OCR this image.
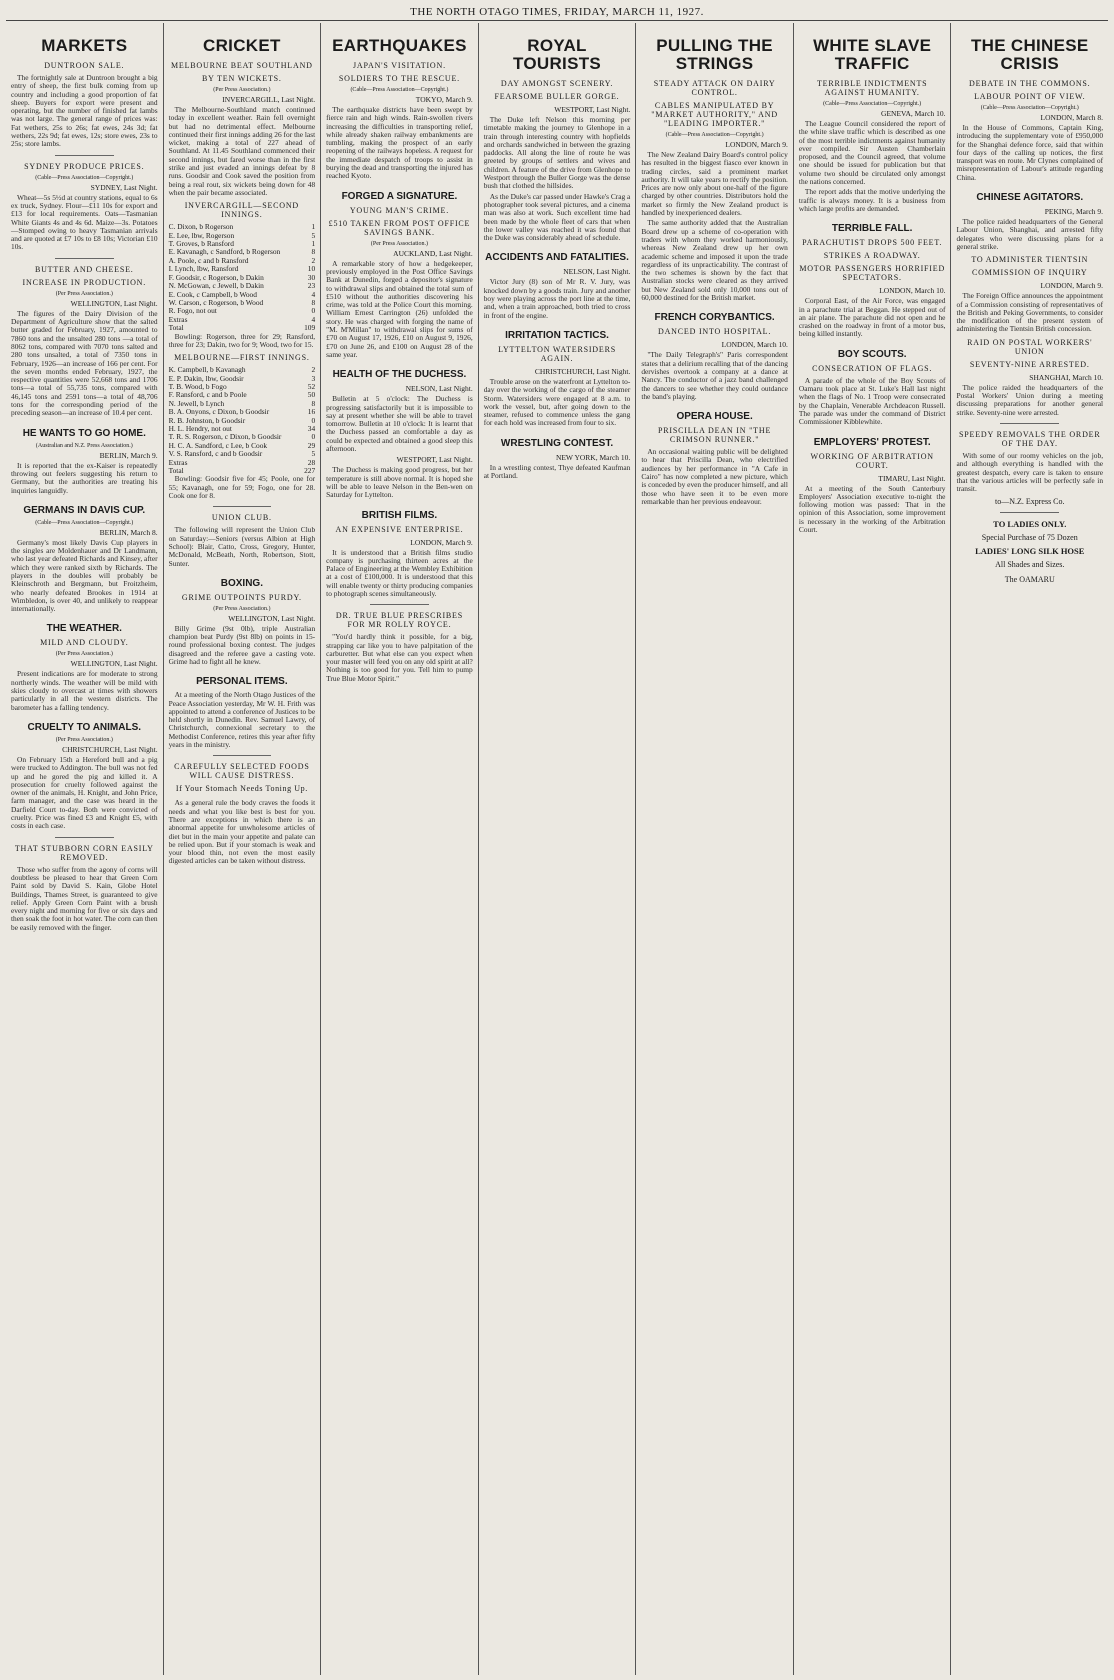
THE NORTH OTAGO TIMES, FRIDAY, MARCH 11, 1927.
MARKETS
DUNTROON SALE.

The fortnightly sale at Duntroon brought a big entry of sheep, the first bulk coming from up country and including a good proportion of fat sheep. Buyers for export were present and operating, but the number of finished fat lambs was not large. The general range of prices was: Fat wethers, 25s to 26s; fat ewes, 24s 3d; fat wethers, 22s 9d; fat ewes, 12s; store ewes, 23s to 25s; store lambs.

SYDNEY PRODUCE PRICES.
(Cable—Press Association—Copyright.)
SYDNEY, Last Night.

Wheat—5s 5½d at country stations, equal to 6s ex truck, Sydney. Flour—£11 10s for export and £13 for local requirements. Oats—Tasmanian White Giants 4s and 4s 6d. Maize—3s. Potatoes—Stomped owing to heavy Tasmanian arrivals and are quoted at £7 10s to £8 10s; Victorian £10 10s.

BUTTER AND CHEESE.
INCREASE IN PRODUCTION.
(Per Press Association.)
WELLINGTON, Last Night.

The figures of the Dairy Division of the Department of Agriculture show that the salted butter graded for February, 1927, amounted to 7860 tons and the unsalted 280 tons —a total of 8062 tons, compared with 7070 tons salted and 280 tons unsalted, a total of 7350 tons in February, 1926—an increase of 166 per cent. For the seven months ended February, 1927, the respective quantities were 52,668 tons and 1706 tons—a total of 55,735 tons, compared with 46,145 tons and 2591 tons—a total of 48,706 tons for the corresponding period of the preceding season—an increase of 10.4 per cent.

HE WANTS TO GO HOME.
(Australian and N.Z. Press Association.)
BERLIN, March 9.

It is reported that the ex-Kaiser is repeatedly throwing out feelers suggesting his return to Germany, but the authorities are treating his inquiries languidly.

GERMANS IN DAVIS CUP.
(Cable—Press Association—Copyright.)
BERLIN, March 8.

Germany's most likely Davis Cup players in the singles are Moldenhauer and Dr Landmann, who last year defeated Richards and Kinsey, after which they were ranked sixth by Richards. The players in the doubles will probably be Kleinschroth and Bergmann, but Froitzheim, who nearly defeated Brookes in 1914 at Wimbledon, is over 40, and unlikely to reappear internationally.

THE WEATHER.
MILD AND CLOUDY.
(Per Press Association.)
WELLINGTON, Last Night.

Present indications are for moderate to strong northerly winds. The weather will be mild with skies cloudy to overcast at times with showers particularly in all the western districts. The barometer has a falling tendency.

CRUELTY TO ANIMALS.
(Per Press Association.)
CHRISTCHURCH, Last Night.

On February 15th a Hereford bull and a pig were trucked to Addington. The bull was not fed up and he gored the pig and killed it. A prosecution for cruelty followed against the owner of the animals, H. Knight, and John Price, farm manager, and the case was heard in the Darfield Court to-day. Both were convicted of cruelty. Price was fined £3 and Knight £5, with costs in each case.

THAT STUBBORN CORN EASILY REMOVED.

Those who suffer from the agony of corns will doubtless be pleased to hear that Green Corn Paint sold by David S. Kain, Globe Hotel Buildings, Thames Street, is guaranteed to give relief. Apply Green Corn Paint with a brush every night and morning for five or six days and then soak the foot in hot water. The corn can then be easily removed with the finger.

CRICKET
MELBOURNE BEAT SOUTHLAND
BY TEN WICKETS.
(Per Press Association.)
INVERCARGILL, Last Night.

The Melbourne-Southland match continued today in excellent weather. Rain fell overnight but had no detrimental effect. Melbourne continued their first innings adding 26 for the last wicket, making a total of 227 ahead of Southland. At 11.45 Southland commenced their second innings, but fared worse than in the first strike and just evaded an innings defeat by 8 runs. Goodsir and Cook saved the position from being a real rout, six wickets being down for 48 when the pair became associated.

INVERCARGILL—SECOND INNINGS.
C. Dixon, b Rogerson	1
E. Lee, lbw, Rogerson	5
T. Groves, b Ransford	1
E. Kavanagh, c Sandford, b Rogerson	8
A. Poole, c and b Ransford	2
I. Lynch, lbw, Ransford	10
F. Goodsir, c Rogerson, b Dakin	30
N. McGowan, c Jewell, b Dakin	23
E. Cook, c Campbell, b Wood	4
W. Carson, c Rogerson, b Wood	8
R. Fogo, not out	0
Extras	4
Total	109

Bowling: Rogerson, three for 29; Ransford, three for 23; Dakin, two for 9; Wood, two for 15.

MELBOURNE—FIRST INNINGS.
K. Campbell, b Kavanagh	2
E. P. Dakin, lbw, Goodsir	3
T. B. Wood, b Fogo	52
F. Ransford, c and b Poole	50
N. Jewell, b Lynch	8
B. A. Onyons, c Dixon, b Goodsir	16
R. B. Johnston, b Goodsir	0
H. L. Hendry, not out	34
T. R. S. Rogerson, c Dixon, b Goodsir	0
H. C. A. Sandford, c Lee, b Cook	29
V. S. Ransford, c and b Goodsir	5
Extras	28
Total	227

Bowling: Goodsir five for 45; Poole, one for 55; Kavanagh, one for 59; Fogo, one for 28. Cook one for 8.

UNION CLUB.

The following will represent the Union Club on Saturday:—Seniors (versus Albion at High School): Blair, Catto, Cross, Gregory, Hunter, McDonald, McBeath, North, Robertson, Stott, Sunter.

BOXING.
GRIME OUTPOINTS PURDY.
(Per Press Association.)
WELLINGTON, Last Night.

Billy Grime (9st 0lb), triple Australian champion beat Purdy (9st 8lb) on points in 15-round professional boxing contest. The judges disagreed and the referee gave a casting vote. Grime had to fight all he knew.

PERSONAL ITEMS.

At a meeting of the North Otago Justices of the Peace Association yesterday, Mr W. H. Frith was appointed to attend a conference of Justices to be held shortly in Dunedin. Rev. Samuel Lawry, of Christchurch, connexional secretary to the Methodist Conference, retires this year after fifty years in the ministry.

CAREFULLY SELECTED FOODS WILL CAUSE DISTRESS.
If Your Stomach Needs Toning Up.

As a general rule the body craves the foods it needs and what you like best is best for you. There are exceptions in which there is an abnormal appetite for unwholesome articles of diet but in the main your appetite and palate can be relied upon. But if your stomach is weak and your blood thin, not even the most easily digested articles can be taken without distress.

EARTHQUAKES
JAPAN'S VISITATION.
SOLDIERS TO THE RESCUE.
(Cable—Press Association—Copyright.)
TOKYO, March 9.

The earthquake districts have been swept by fierce rain and high winds. Rain-swollen rivers increasing the difficulties in transporting relief, while already shaken railway embankments are tumbling, making the prospect of an early reopening of the railways hopeless. A request for the immediate despatch of troops to assist in burying the dead and transporting the injured has reached Kyoto.

FORGED A SIGNATURE.
YOUNG MAN'S CRIME.
£510 TAKEN FROM POST OFFICE SAVINGS BANK.
(Per Press Association.)
AUCKLAND, Last Night.

A remarkable story of how a hedgekeeper, previously employed in the Post Office Savings Bank at Dunedin, forged a depositor's signature to withdrawal slips and obtained the total sum of £510 without the authorities discovering his crime, was told at the Police Court this morning. William Ernest Carrington (26) unfolded the story. He was charged with forging the name of "M. M'Millan" to withdrawal slips for sums of £70 on August 17, 1926, £10 on August 9, 1926, £70 on June 26, and £100 on August 28 of the same year.

HEALTH OF THE DUCHESS.
NELSON, Last Night.

Bulletin at 5 o'clock: The Duchess is progressing satisfactorily but it is impossible to say at present whether she will be able to travel tomorrow. Bulletin at 10 o'clock: It is learnt that the Duchess passed an comfortable a day as could be expected and obtained a good sleep this afternoon.

WESTPORT, Last Night.

The Duchess is making good progress, but her temperature is still above normal. It is hoped she will be able to leave Nelson in the Ben-wen on Saturday for Lyttelton.

BRITISH FILMS.
AN EXPENSIVE ENTERPRISE.
LONDON, March 9.

It is understood that a British films studio company is purchasing thirteen acres at the Palace of Engineering at the Wembley Exhibition at a cost of £100,000. It is understood that this will enable twenty or thirty producing companies to photograph scenes simultaneously.

DR. TRUE BLUE PRESCRIBES FOR MR ROLLY ROYCE.

"You'd hardly think it possible, for a big, strapping car like you to have palpitation of the carburetter. But what else can you expect when your master will feed you on any old spirit at all? Nothing is too good for you. Tell him to pump True Blue Motor Spirit."

ROYAL TOURISTS
DAY AMONGST SCENERY.
FEARSOME BULLER GORGE.
WESTPORT, Last Night.

The Duke left Nelson this morning per timetable making the journey to Glenhope in a train through interesting country with hopfields and orchards sandwiched in between the grazing paddocks. All along the line of route he was greeted by groups of settlers and wives and children. A feature of the drive from Glenhope to Westport through the Buller Gorge was the dense bush that clothed the hillsides.

As the Duke's car passed under Hawke's Crag a photographer took several pictures, and a cinema man was also at work. Such excellent time had been made by the whole fleet of cars that when the lower valley was reached it was found that the Duke was considerably ahead of schedule.

ACCIDENTS AND FATALITIES.
NELSON, Last Night.

Victor Jury (8) son of Mr R. V. Jury, was knocked down by a goods train. Jury and another boy were playing across the port line at the time, and, when a train approached, both tried to cross in front of the engine.

IRRITATION TACTICS.
LYTTELTON WATERSIDERS AGAIN.
CHRISTCHURCH, Last Night.

Trouble arose on the waterfront at Lyttelton to-day over the working of the cargo of the steamer Storm. Watersiders were engaged at 8 a.m. to work the vessel, but, after going down to the steamer, refused to commence unless the gang for each hold was increased from four to six.

WRESTLING CONTEST.
NEW YORK, March 10.

In a wrestling contest, Thye defeated Kaufman at Portland.

PULLING THE STRINGS
STEADY ATTACK ON DAIRY CONTROL.
CABLES MANIPULATED BY "MARKET AUTHORITY," AND "LEADING IMPORTER."
(Cable—Press Association—Copyright.)
LONDON, March 9.

The New Zealand Dairy Board's control policy has resulted in the biggest fiasco ever known in trading circles, said a prominent market authority. It will take years to rectify the position. Prices are now only about one-half of the figure charged by other countries. Distributors hold the market so firmly the New Zealand product is handled by inexperienced dealers.

The same authority added that the Australian Board drew up a scheme of co-operation with traders with whom they worked harmoniously, whereas New Zealand drew up her own academic scheme and imposed it upon the trade regardless of its unpracticability. The contrast of the two schemes is shown by the fact that Australian stocks were cleared as they arrived but New Zealand sold only 10,000 tons out of 60,000 destined for the British market.

FRENCH CORYBANTICS.
DANCED INTO HOSPITAL.
LONDON, March 10.

"The Daily Telegraph's" Paris correspondent states that a delirium recalling that of the dancing dervishes overtook a company at a dance at Nancy. The conductor of a jazz band challenged the dancers to see whether they could outdance the band's playing.

OPERA HOUSE.
PRISCILLA DEAN IN "THE CRIMSON RUNNER."

An occasional waiting public will be delighted to hear that Priscilla Dean, who electrified audiences by her performance in "A Cafe in Cairo" has now completed a new picture, which is conceded by even the producer himself, and all those who have seen it to be even more remarkable than her previous endeavour.

WHITE SLAVE TRAFFIC
TERRIBLE INDICTMENTS AGAINST HUMANITY.
(Cable—Press Association—Copyright.)
GENEVA, March 10.

The League Council considered the report of the white slave traffic which is described as one of the most terrible indictments against humanity ever compiled. Sir Austen Chamberlain proposed, and the Council agreed, that volume one should be issued for publication but that volume two should be circulated only amongst the nations concerned.

The report adds that the motive underlying the traffic is always money. It is a business from which large profits are demanded.

TERRIBLE FALL.
PARACHUTIST DROPS 500 FEET.
STRIKES A ROADWAY.
MOTOR PASSENGERS HORRIFIED SPECTATORS.
LONDON, March 10.

Corporal East, of the Air Force, was engaged in a parachute trial at Beggan. He stepped out of an air plane. The parachute did not open and he crashed on the roadway in front of a motor bus, being killed instantly.

BOY SCOUTS.
CONSECRATION OF FLAGS.

A parade of the whole of the Boy Scouts of Oamaru took place at St. Luke's Hall last night when the flags of No. 1 Troop were consecrated by the Chaplain, Venerable Archdeacon Russell. The parade was under the command of District Commissioner Kibblewhite.

EMPLOYERS' PROTEST.
WORKING OF ARBITRATION COURT.
TIMARU, Last Night.

At a meeting of the South Canterbury Employers' Association executive to-night the following motion was passed: That in the opinion of this Association, some improvement is necessary in the working of the Arbitration Court.

THE CHINESE CRISIS
DEBATE IN THE COMMONS.
LABOUR POINT OF VIEW.
(Cable—Press Association—Copyright.)
LONDON, March 8.

In the House of Commons, Captain King, introducing the supplementary vote of £950,000 for the Shanghai defence force, said that within four days of the calling up notices, the first transport was en route. Mr Clynes complained of misrepresentation of Labour's attitude regarding China.

CHINESE AGITATORS.
PEKING, March 9.

The police raided headquarters of the General Labour Union, Shanghai, and arrested fifty delegates who were discussing plans for a general strike.

TO ADMINISTER TIENTSIN
COMMISSION OF INQUIRY
LONDON, March 9.

The Foreign Office announces the appointment of a Commission consisting of representatives of the British and Peking Governments, to consider the modification of the present system of administering the Tientsin British concession.

RAID ON POSTAL WORKERS' UNION
SEVENTY-NINE ARRESTED.
SHANGHAI, March 10.

The police raided the headquarters of the Postal Workers' Union during a meeting discussing preparations for another general strike. Seventy-nine were arrested.

SPEEDY REMOVALS THE ORDER OF THE DAY.

With some of our roomy vehicles on the job, and although everything is handled with the greatest despatch, every care is taken to ensure that the various articles will be perfectly safe in transit.

to—N.Z. Express Co.
TO LADIES ONLY.
Special Purchase of 75 Dozen
LADIES' LONG SILK HOSE
All Shades and Sizes.
The OAMARU
